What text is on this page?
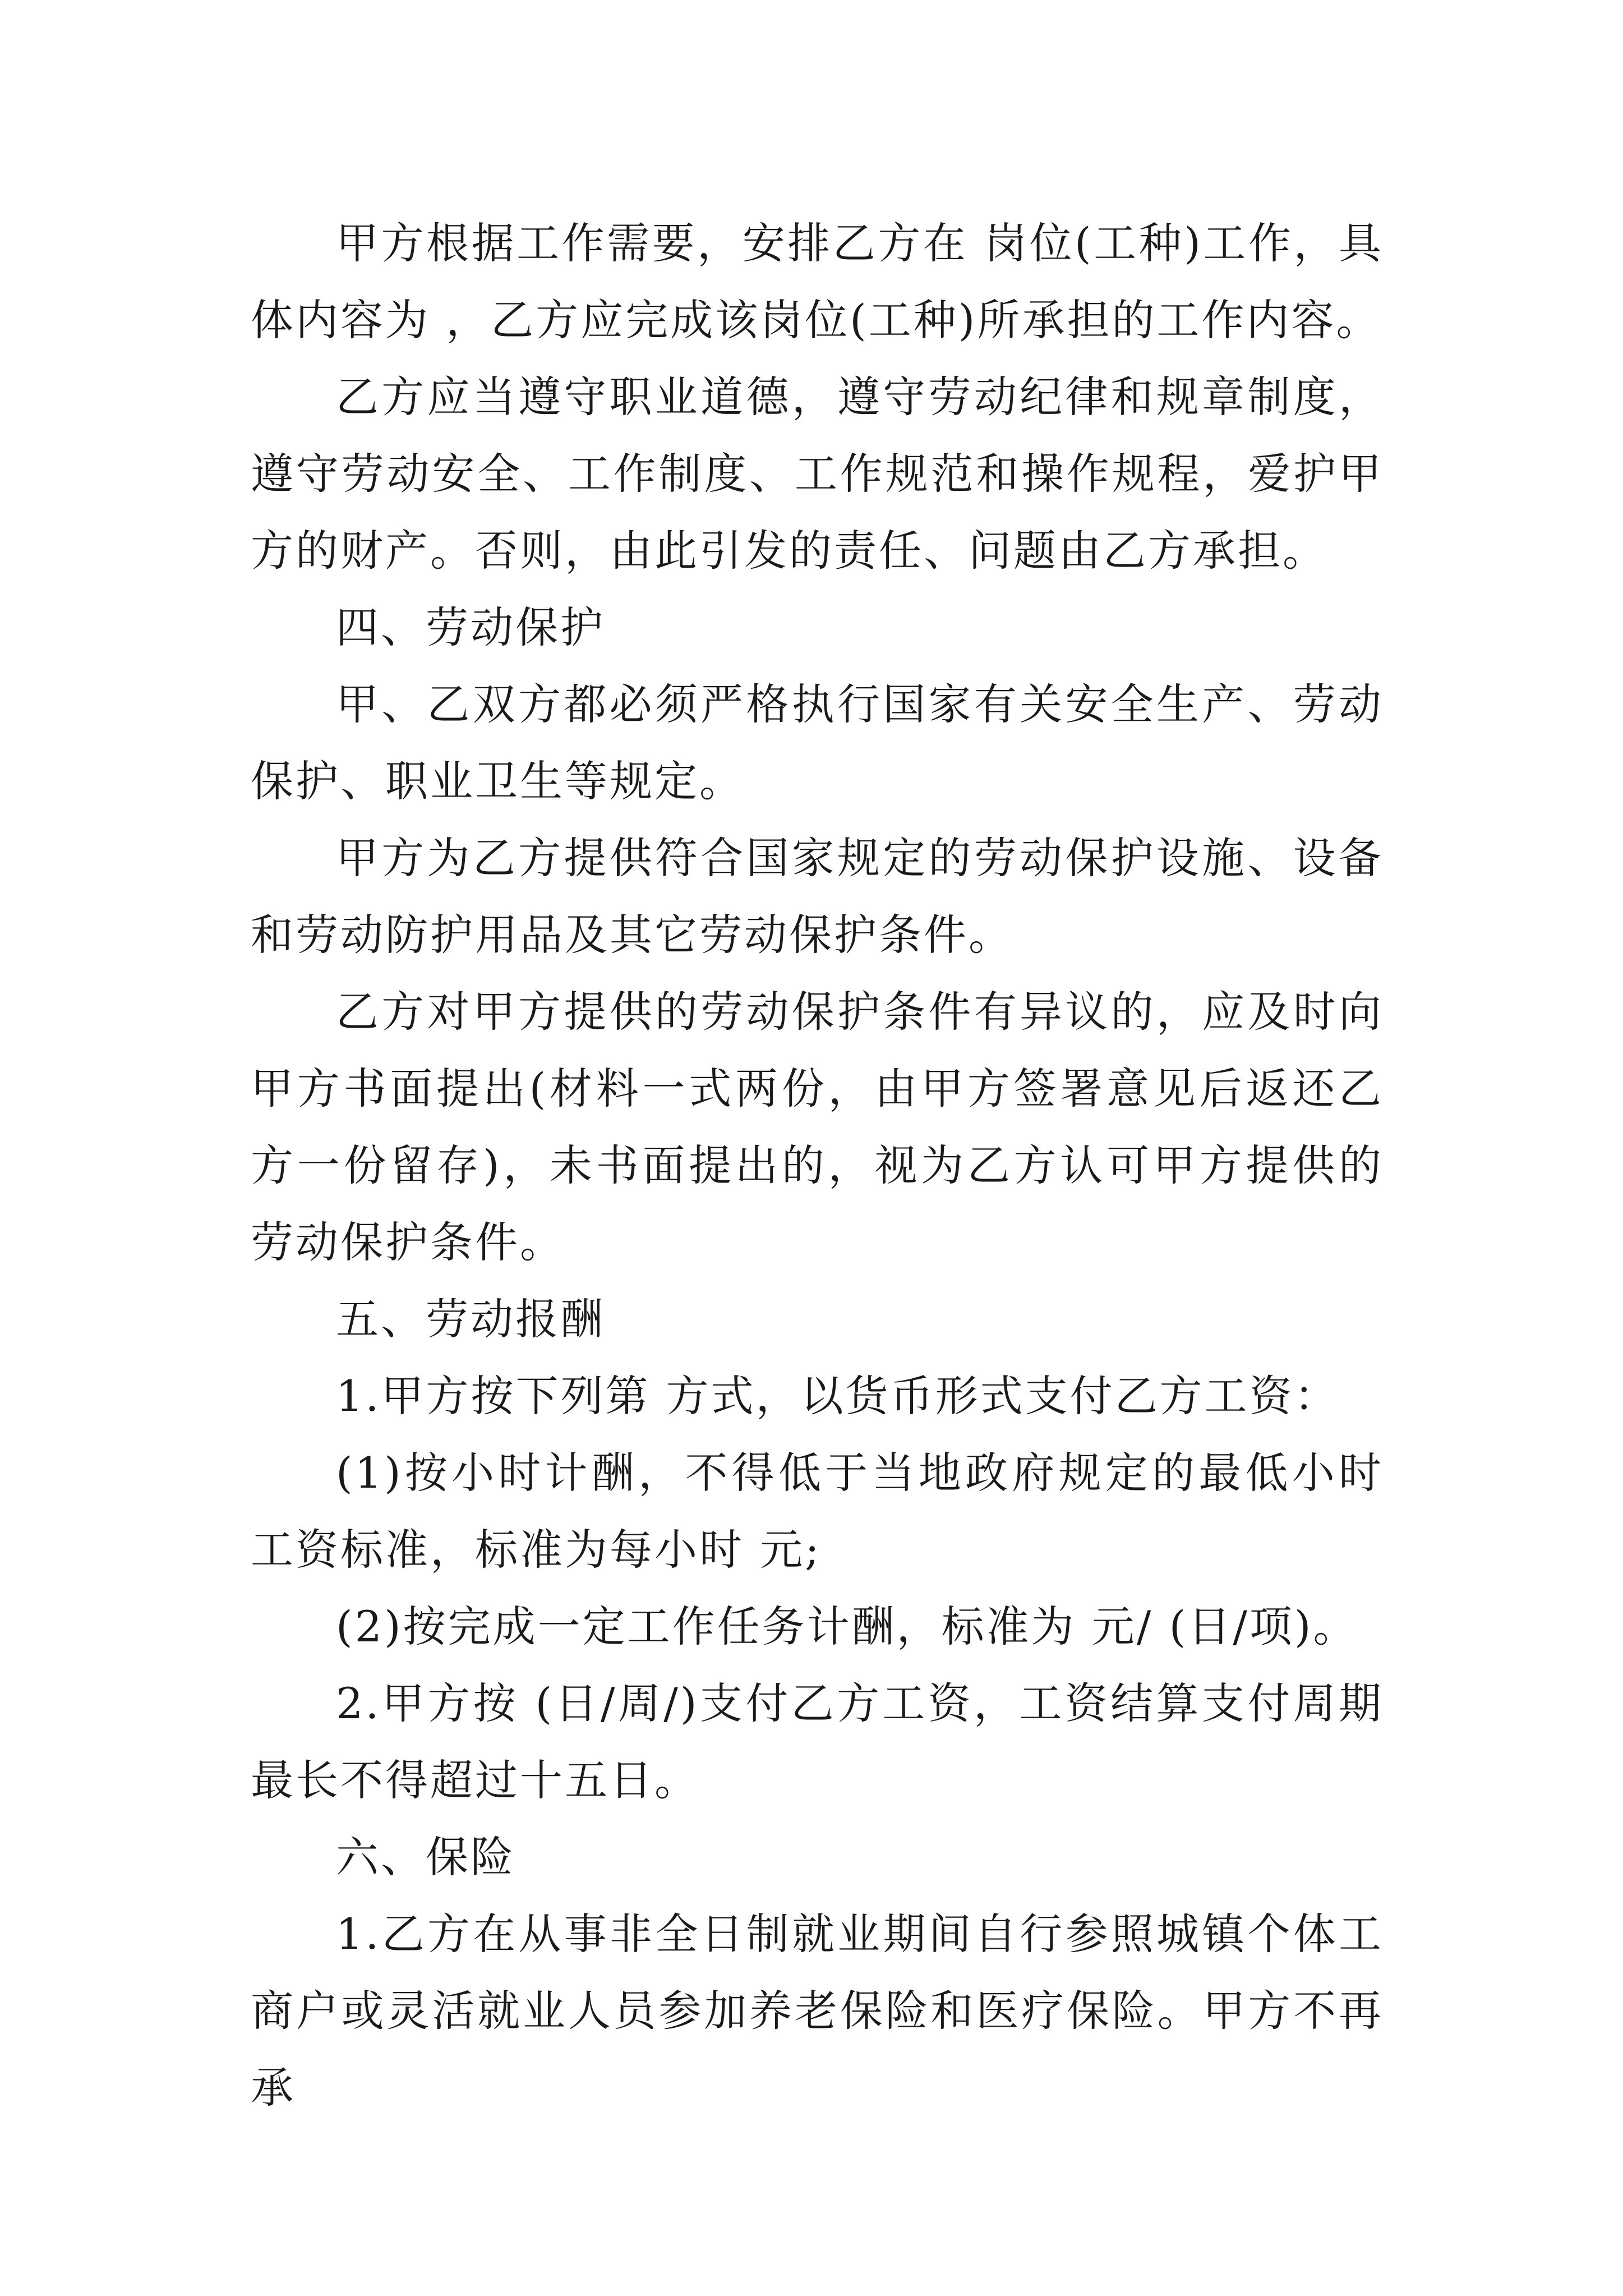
甲方根据工作需要，安排乙方在 岗位(工种)工作，具体内容为 ，乙方应完成该岗位(工种)所承担的工作内容。

乙方应当遵守职业道德，遵守劳动纪律和规章制度，遵守劳动安全、工作制度、工作规范和操作规程，爱护甲方的财产。否则，由此引发的责任、问题由乙方承担。

四、劳动保护

甲、乙双方都必须严格执行国家有关安全生产、劳动保护、职业卫生等规定。

甲方为乙方提供符合国家规定的劳动保护设施、设备和劳动防护用品及其它劳动保护条件。

乙方对甲方提供的劳动保护条件有异议的，应及时向甲方书面提出(材料一式两份，由甲方签署意见后返还乙方一份留存)，未书面提出的，视为乙方认可甲方提供的劳动保护条件。

五、劳动报酬

1.甲方按下列第 方式，以货币形式支付乙方工资：

(1)按小时计酬，不得低于当地政府规定的最低小时工资标准，标准为每小时 元;

(2)按完成一定工作任务计酬，标准为 元/ (日/项)。

2.甲方按 (日/周/)支付乙方工资，工资结算支付周期最长不得超过十五日。

六、保险

1.乙方在从事非全日制就业期间自行参照城镇个体工商户或灵活就业人员参加养老保险和医疗保险。甲方不再承
